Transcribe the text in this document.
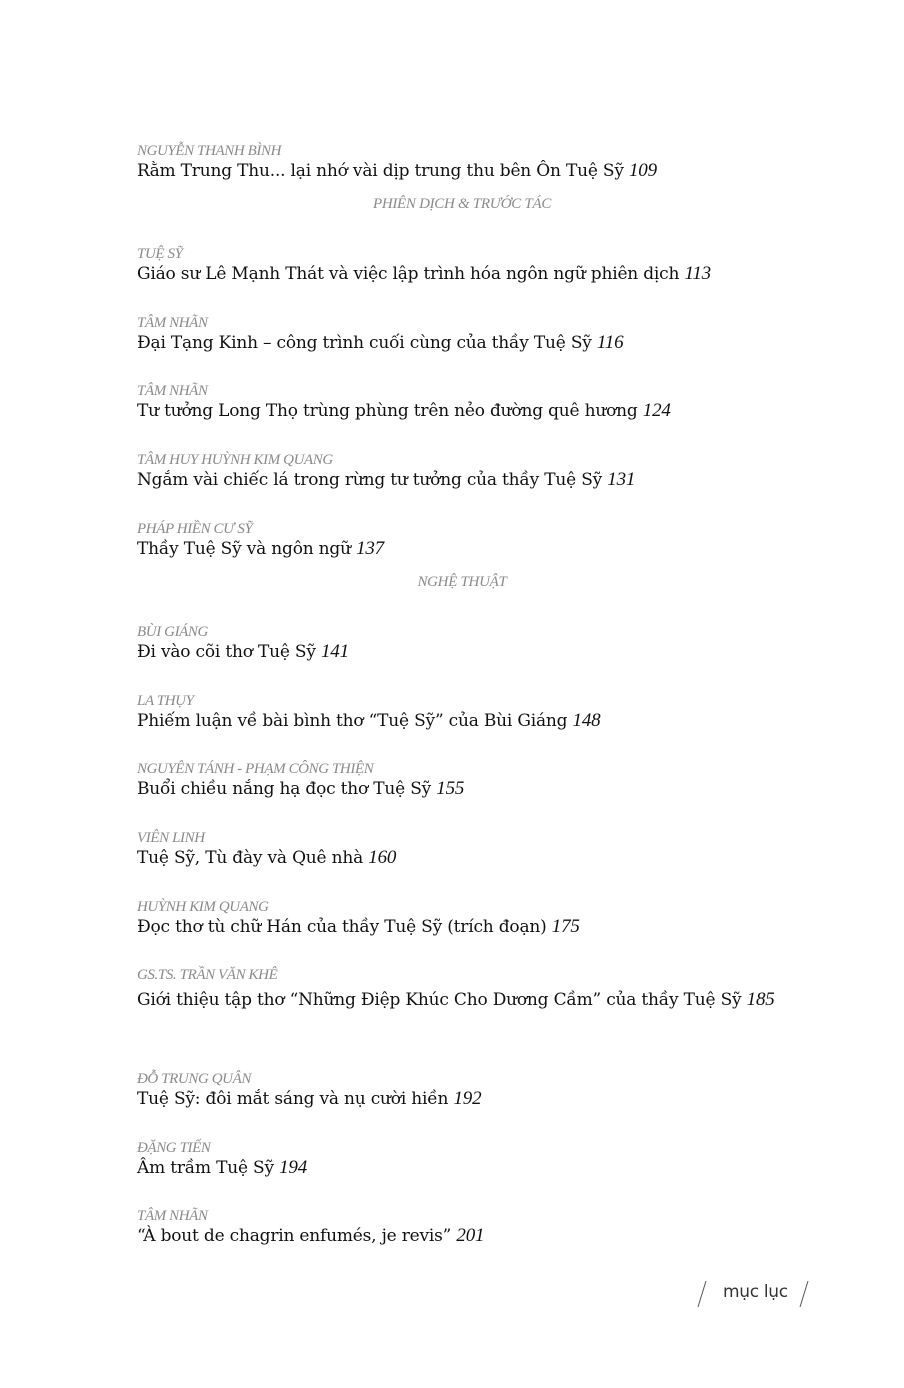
NGUYỄN THANH BÌNH
Rằm Trung Thu... lại nhớ vài dịp trung thu bên Ôn Tuệ Sỹ 109
PHIÊN DỊCH & TRƯỚC TÁC
TUỆ SỸ
Giáo sư Lê Mạnh Thát và việc lập trình hóa ngôn ngữ phiên dịch 113
TÂM NHÃN
Đại Tạng Kinh – công trình cuối cùng của thầy Tuệ Sỹ 116
TÂM NHÃN
Tư tưởng Long Thọ trùng phùng trên nẻo đường quê hương 124
TÂM HUY HUỲNH KIM QUANG
Ngắm vài chiếc lá trong rừng tư tưởng của thầy Tuệ Sỹ 131
PHÁP HIỀN CƯ SỸ
Thầy Tuệ Sỹ và ngôn ngữ 137
NGHỆ THUẬT
BÙI GIÁNG
Đi vào cõi thơ Tuệ Sỹ 141
LA THỤY
Phiếm luận về bài bình thơ “Tuệ Sỹ” của Bùi Giáng 148
NGUYÊN TÁNH - PHẠM CÔNG THIỆN
Buổi chiều nắng hạ đọc thơ Tuệ Sỹ 155
VIÊN LINH
Tuệ Sỹ, Tù đày và Quê nhà 160
HUỲNH KIM QUANG
Đọc thơ tù chữ Hán của thầy Tuệ Sỹ (trích đoạn) 175
GS.TS. TRẦN VĂN KHÊ
Giới thiệu tập thơ “Những Điệp Khúc Cho Dương Cầm” của thầy Tuệ Sỹ 185
ĐỖ TRUNG QUÂN
Tuệ Sỹ: đôi mắt sáng và nụ cười hiền 192
ĐẶNG TIẾN
Âm trầm Tuệ Sỹ 194
TÂM NHÃN
“À bout de chagrin enfumés, je revis” 201
mục lục
